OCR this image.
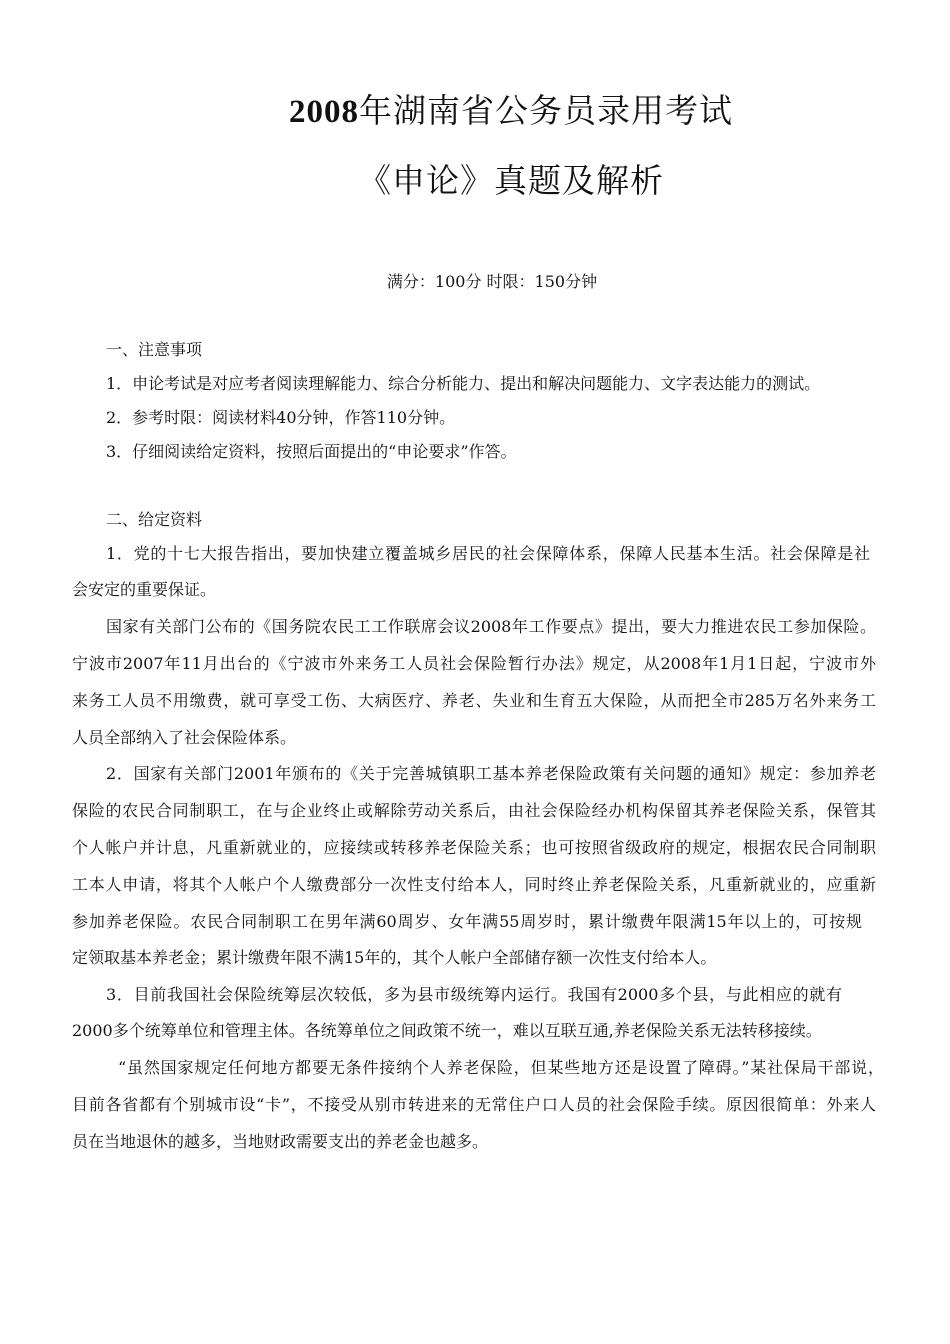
2008年湖南省公务员录用考试
《申论》真题及解析
满分：100分 时限：150分钟
一、注意事项
1．申论考试是对应考者阅读理解能力、综合分析能力、提出和解决问题能力、文字表达能力的测试。
2．参考时限：阅读材料40分钟，作答110分钟。
3．仔细阅读给定资料，按照后面提出的“申论要求”作答。
二、给定资料
1．党的十七大报告指出，要加快建立覆盖城乡居民的社会保障体系，保障人民基本生活。社会保障是社
会安定的重要保证。
国家有关部门公布的《国务院农民工工作联席会议2008年工作要点》提出，要大力推进农民工参加保险。
宁波市2007年11月出台的《宁波市外来务工人员社会保险暂行办法》规定，从2008年1月1日起，宁波市外
来务工人员不用缴费，就可享受工伤、大病医疗、养老、失业和生育五大保险，从而把全市285万名外来务工
人员全部纳入了社会保险体系。
2．国家有关部门2001年颁布的《关于完善城镇职工基本养老保险政策有关问题的通知》规定：参加养老
保险的农民合同制职工，在与企业终止或解除劳动关系后，由社会保险经办机构保留其养老保险关系，保管其
个人帐户并计息，凡重新就业的，应接续或转移养老保险关系；也可按照省级政府的规定，根据农民合同制职
工本人申请，将其个人帐户个人缴费部分一次性支付给本人，同时终止养老保险关系，凡重新就业的，应重新
参加养老保险。农民合同制职工在男年满60周岁、女年满55周岁时，累计缴费年限满15年以上的，可按规
定领取基本养老金；累计缴费年限不满15年的，其个人帐户全部储存额一次性支付给本人。
3．目前我国社会保险统筹层次较低，多为县市级统筹内运行。我国有2000多个县，与此相应的就有
2000多个统筹单位和管理主体。各统筹单位之间政策不统一，难以互联互通,养老保险关系无法转移接续。
“虽然国家规定任何地方都要无条件接纳个人养老保险，但某些地方还是设置了障碍。”某社保局干部说，
目前各省都有个别城市设“卡”，不接受从别市转进来的无常住户口人员的社会保险手续。原因很简单：外来人
员在当地退休的越多，当地财政需要支出的养老金也越多。
